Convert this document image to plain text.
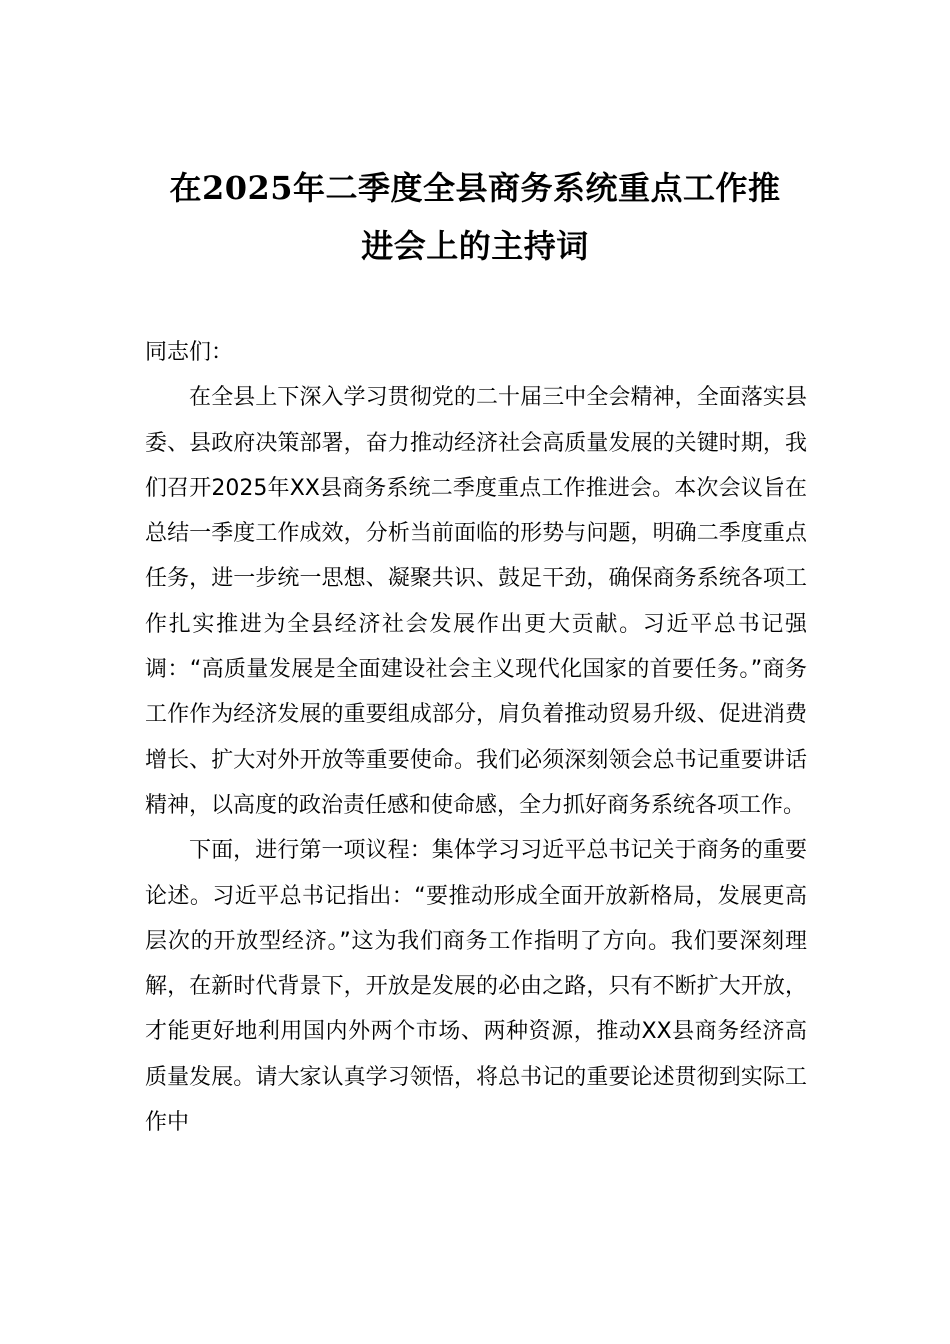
在2025年二季度全县商务系统重点工作推
进会上的主持词

同志们：

在全县上下深入学习贯彻党的二十届三中全会精神，全面落实县委、县政府决策部署，奋力推动经济社会高质量发展的关键时期，我们召开2025年XX县商务系统二季度重点工作推进会。本次会议旨在总结一季度工作成效，分析当前面临的形势与问题，明确二季度重点任务，进一步统一思想、凝聚共识、鼓足干劲，确保商务系统各项工作扎实推进为全县经济社会发展作出更大贡献。习近平总书记强调：“高质量发展是全面建设社会主义现代化国家的首要任务。”商务工作作为经济发展的重要组成部分，肩负着推动贸易升级、促进消费增长、扩大对外开放等重要使命。我们必须深刻领会总书记重要讲话精神，以高度的政治责任感和使命感，全力抓好商务系统各项工作。

下面，进行第一项议程：集体学习习近平总书记关于商务的重要论述。习近平总书记指出：“要推动形成全面开放新格局，发展更高层次的开放型经济。”这为我们商务工作指明了方向。我们要深刻理解，在新时代背景下，开放是发展的必由之路，只有不断扩大开放，才能更好地利用国内外两个市场、两种资源，推动XX县商务经济高质量发展。请大家认真学习领悟，将总书记的重要论述贯彻到实际工作中
